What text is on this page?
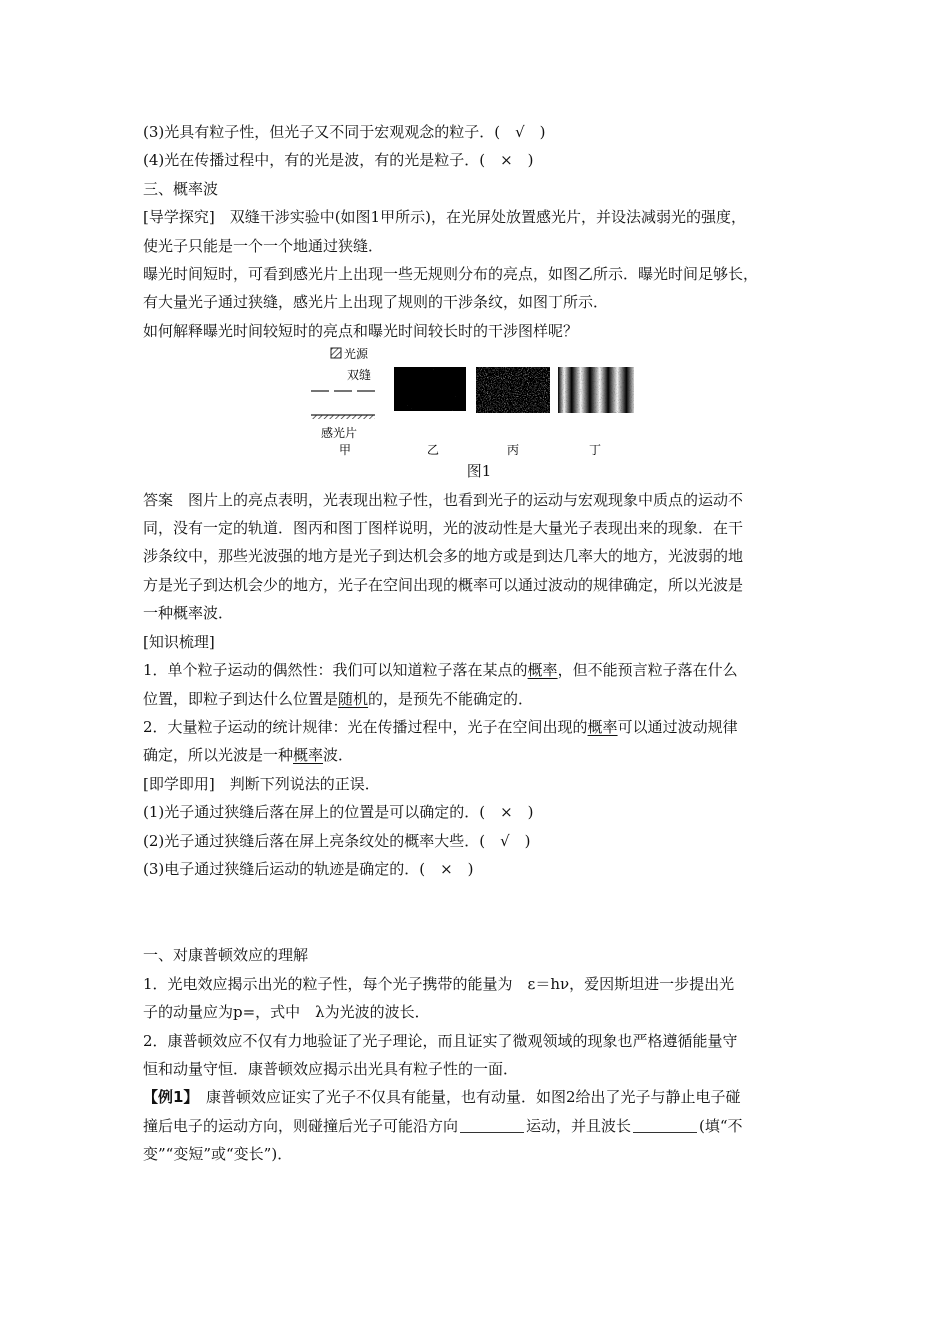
(3)光具有粒子性，但光子又不同于宏观观念的粒子．(　√　)
(4)光在传播过程中，有的光是波，有的光是粒子．(　×　)
三、概率波
[导学探究]　双缝干涉实验中(如图1甲所示)，在光屏处放置感光片，并设法减弱光的强度，
使光子只能是一个一个地通过狭缝．
曝光时间短时，可看到感光片上出现一些无规则分布的亮点，如图乙所示．曝光时间足够长，
有大量光子通过狭缝，感光片上出现了规则的干涉条纹，如图丁所示．
如何解释曝光时间较短时的亮点和曝光时间较长时的干涉图样呢？
光源
双缝
感光片
甲	乙	丙	丁
图1
答案　图片上的亮点表明，光表现出粒子性，也看到光子的运动与宏观现象中质点的运动不
同，没有一定的轨道．图丙和图丁图样说明，光的波动性是大量光子表现出来的现象．在干
涉条纹中，那些光波强的地方是光子到达机会多的地方或是到达几率大的地方，光波弱的地
方是光子到达机会少的地方，光子在空间出现的概率可以通过波动的规律确定，所以光波是
一种概率波．
[知识梳理]
1．单个粒子运动的偶然性：我们可以知道粒子落在某点的概率，但不能预言粒子落在什么
位置，即粒子到达什么位置是随机的，是预先不能确定的．
2．大量粒子运动的统计规律：光在传播过程中，光子在空间出现的概率可以通过波动规律
确定，所以光波是一种概率波．
[即学即用]　判断下列说法的正误．
(1)光子通过狭缝后落在屏上的位置是可以确定的．(　×　)
(2)光子通过狭缝后落在屏上亮条纹处的概率大些．(　√　)
(3)电子通过狭缝后运动的轨迹是确定的．(　×　)
一、对康普顿效应的理解
1．光电效应揭示出光的粒子性，每个光子携带的能量为　ε＝hν，爱因斯坦进一步提出光
子的动量应为p=，式中　λ为光波的波长．
2．康普顿效应不仅有力地验证了光子理论，而且证实了微观领域的现象也严格遵循能量守
恒和动量守恒．康普顿效应揭示出光具有粒子性的一面．
【例1】　康普顿效应证实了光子不仅具有能量，也有动量．如图2给出了光子与静止电子碰
撞后电子的运动方向，则碰撞后光子可能沿方向	运动，并且波长	(填“不
变”“变短”或“变长”)．
